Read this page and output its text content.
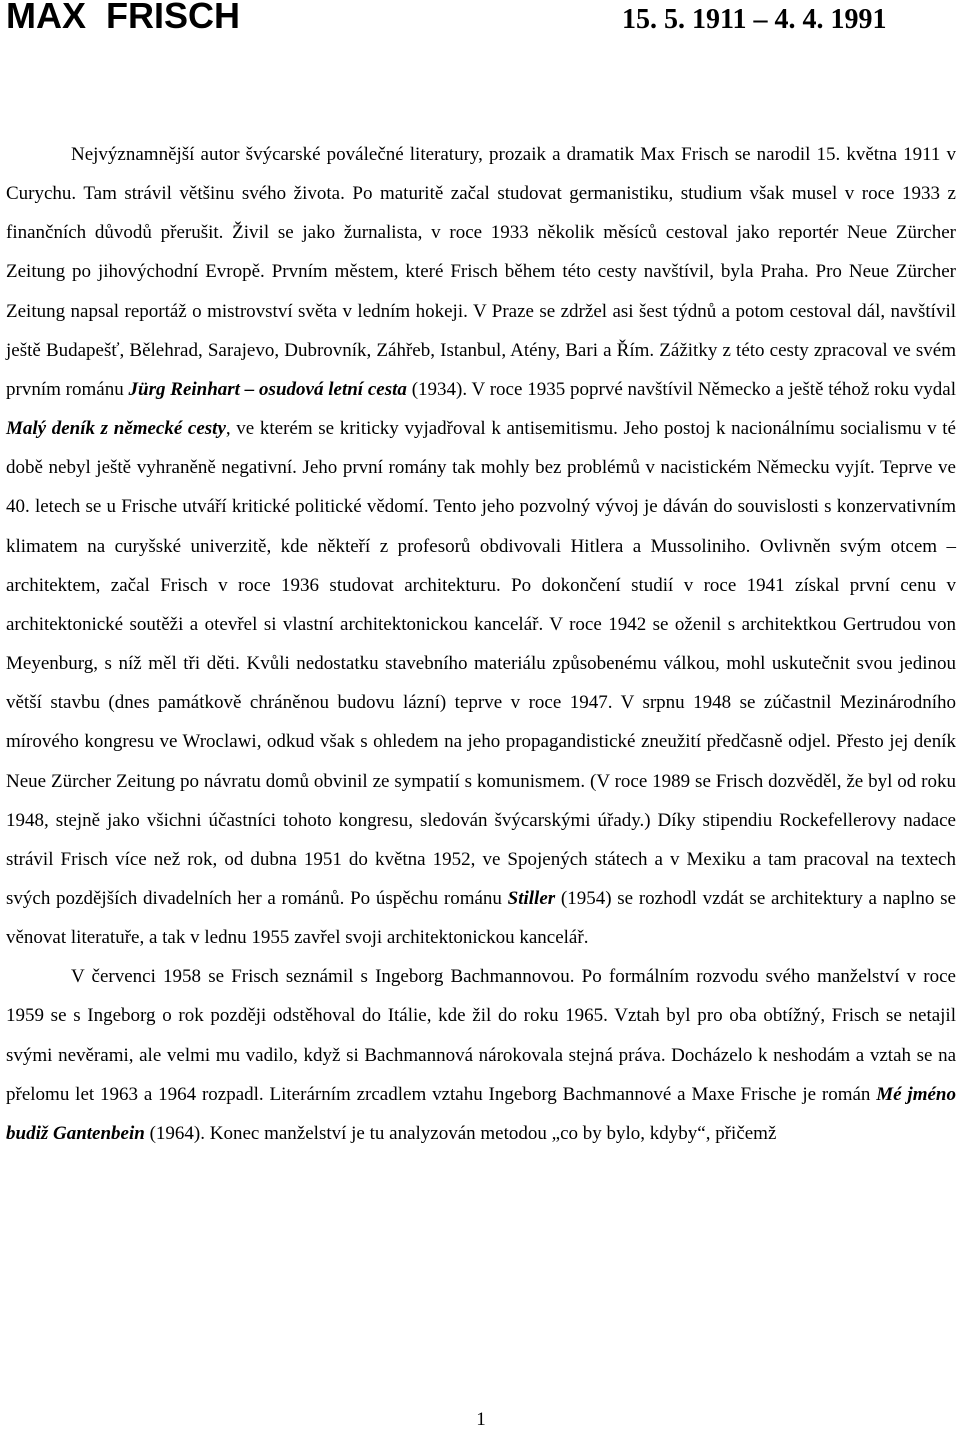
MAX  FRISCH	15. 5. 1911 – 4. 4. 1991

Nejvýznamnější autor švýcarské poválečné literatury, prozaik a dramatik Max Frisch se narodil 15. května 1911 v Curychu. Tam strávil většinu svého života. Po maturitě začal studovat germanistiku, studium však musel v roce 1933 z finančních důvodů přerušit. Živil se jako žurnalista, v roce 1933 několik měsíců cestoval jako reportér Neue Zürcher Zeitung po jihovýchodní Evropě. Prvním městem, které Frisch během této cesty navštívil, byla Praha. Pro Neue Zürcher Zeitung napsal reportáž o mistrovství světa v ledním hokeji. V Praze se zdržel asi šest týdnů a potom cestoval dál, navštívil ještě Budapešť, Bělehrad, Sarajevo, Dubrovník, Záhřeb, Istanbul, Atény, Bari a Řím. Zážitky z této cesty zpracoval ve svém prvním románu Jürg Reinhart – osudová letní cesta (1934). V roce 1935 poprvé navštívil Německo a ještě téhož roku vydal Malý deník z německé cesty, ve kterém se kriticky vyjadřoval k antisemitismu. Jeho postoj k nacionálnímu socialismu v té době nebyl ještě vyhraněně negativní. Jeho první romány tak mohly bez problémů v nacistickém Německu vyjít. Teprve ve 40. letech se u Frische utváří kritické politické vědomí. Tento jeho pozvolný vývoj je dáván do souvislosti s konzervativním klimatem na curyšské univerzitě, kde někteří z profesorů obdivovali Hitlera a Mussoliniho. Ovlivněn svým otcem – architektem, začal Frisch v roce 1936 studovat architekturu. Po dokončení studií v roce 1941 získal první cenu v architektonické soutěži a otevřel si vlastní architektonickou kancelář. V roce 1942 se oženil s architektkou Gertrudou von Meyenburg, s níž měl tři děti. Kvůli nedostatku stavebního materiálu způsobenému válkou, mohl uskutečnit svou jedinou větší stavbu (dnes památkově chráněnou budovu lázní) teprve v roce 1947. V srpnu 1948 se zúčastnil Mezinárodního mírového kongresu ve Wroclawi, odkud však s ohledem na jeho propagandistické zneužití předčasně odjel. Přesto jej deník Neue Zürcher Zeitung po návratu domů obvinil ze sympatií s komunismem. (V roce 1989 se Frisch dozvěděl, že byl od roku 1948, stejně jako všichni účastníci tohoto kongresu, sledován švýcarskými úřady.) Díky stipendiu Rockefellerovy nadace strávil Frisch více než rok, od dubna 1951 do května 1952, ve Spojených státech a v Mexiku a tam pracoval na textech svých pozdějších divadelních her a románů. Po úspěchu románu Stiller (1954) se rozhodl vzdát se architektury a naplno se věnovat literatuře, a tak v lednu 1955 zavřel svoji architektonickou kancelář.

V červenci 1958 se Frisch seznámil s Ingeborg Bachmannovou. Po formálním rozvodu svého manželství v roce 1959 se s Ingeborg o rok později odstěhoval do Itálie, kde žil do roku 1965. Vztah byl pro oba obtížný, Frisch se netajil svými nevěrami, ale velmi mu vadilo, když si Bachmannová nárokovala stejná práva. Docházelo k neshodám a vztah se na přelomu let 1963 a 1964 rozpadl. Literárním zrcadlem vztahu Ingeborg Bachmannové a Maxe Frische je román Mé jméno budiž Gantenbein (1964). Konec manželství je tu analyzován metodou „co by bylo, kdyby“, přičemž

1
